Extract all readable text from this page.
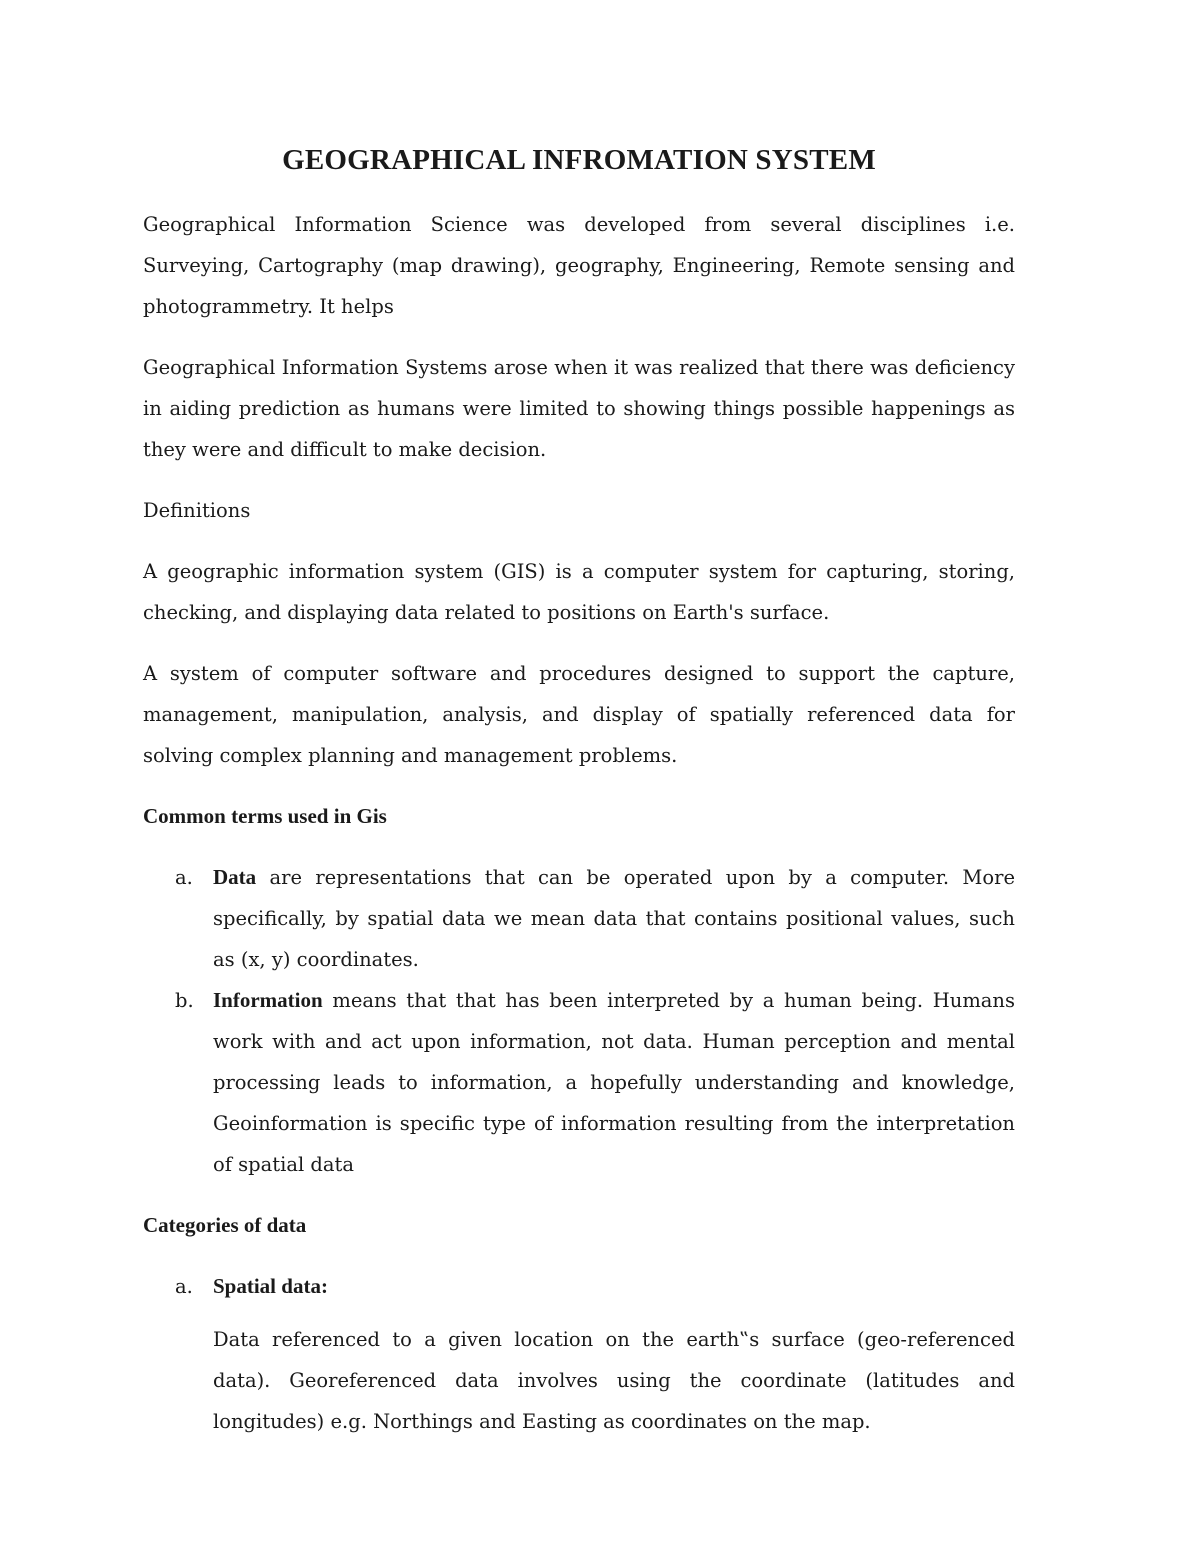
GEOGRAPHICAL INFROMATION SYSTEM

Geographical Information Science was developed from several disciplines i.e. Surveying, Cartography (map drawing), geography, Engineering, Remote sensing and photogrammetry. It helps

Geographical Information Systems arose when it was realized that there was deficiency in aiding prediction as humans were limited to showing things possible happenings as they were and difficult to make decision.

Definitions

A geographic information system (GIS) is a computer system for capturing, storing, checking, and displaying data related to positions on Earth's surface.

A system of computer software and procedures designed to support the capture, management, manipulation, analysis, and display of spatially referenced data for solving complex planning and management problems.

Common terms used in Gis
a. Data are representations that can be operated upon by a computer. More specifically, by spatial data we mean data that contains positional values, such as (x, y) coordinates.
b. Information means that that has been interpreted by a human being. Humans work with and act upon information, not data. Human perception and mental processing leads to information, a hopefully understanding and knowledge, Geoinformation is specific type of information resulting from the interpretation of spatial data
Categories of data
a. Spatial data:

Data referenced to a given location on the earth‟s surface (geo-referenced data). Georeferenced data involves using the coordinate (latitudes and longitudes) e.g. Northings and Easting as coordinates on the map.
